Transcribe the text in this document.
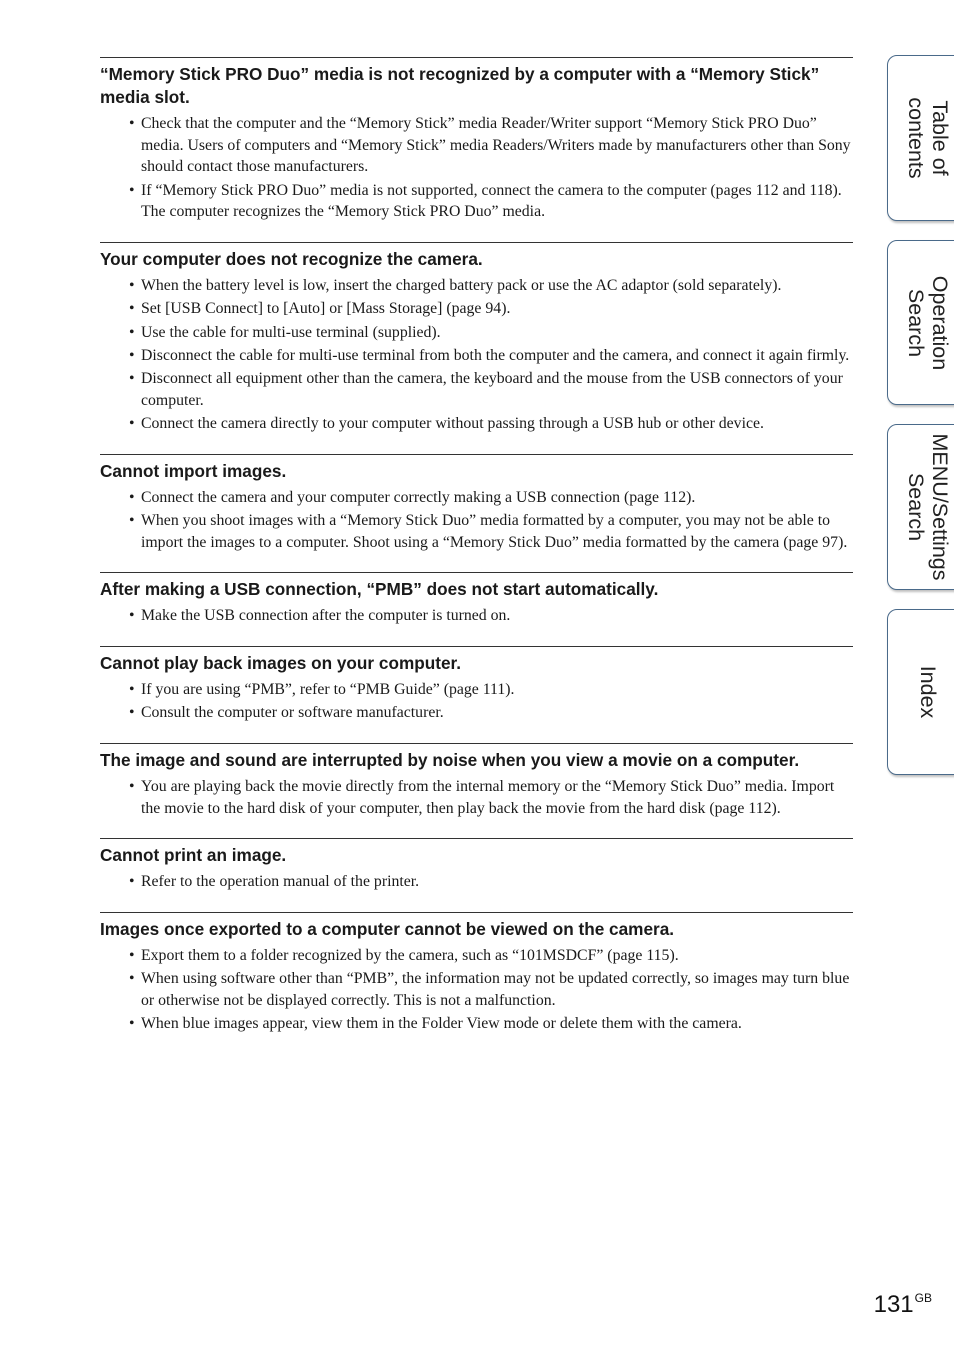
“Memory Stick PRO Duo” media is not recognized by a computer with a “Memory Stick” media slot.
• Check that the computer and the “Memory Stick” media Reader/Writer support “Memory Stick PRO Duo” media. Users of computers and “Memory Stick” media Readers/Writers made by manufacturers other than Sony should contact those manufacturers.
• If “Memory Stick PRO Duo” media is not supported, connect the camera to the computer (pages 112 and 118). The computer recognizes the “Memory Stick PRO Duo” media.
Your computer does not recognize the camera.
• When the battery level is low, insert the charged battery pack or use the AC adaptor (sold separately).
• Set [USB Connect] to [Auto] or [Mass Storage] (page 94).
• Use the cable for multi-use terminal (supplied).
• Disconnect the cable for multi-use terminal from both the computer and the camera, and connect it again firmly.
• Disconnect all equipment other than the camera, the keyboard and the mouse from the USB connectors of your computer.
• Connect the camera directly to your computer without passing through a USB hub or other device.
Cannot import images.
• Connect the camera and your computer correctly making a USB connection (page 112).
• When you shoot images with a “Memory Stick Duo” media formatted by a computer, you may not be able to import the images to a computer. Shoot using a “Memory Stick Duo” media formatted by the camera (page 97).
After making a USB connection, “PMB” does not start automatically.
• Make the USB connection after the computer is turned on.
Cannot play back images on your computer.
• If you are using “PMB”, refer to “PMB Guide” (page 111).
• Consult the computer or software manufacturer.
The image and sound are interrupted by noise when you view a movie on a computer.
• You are playing back the movie directly from the internal memory or the “Memory Stick Duo” media. Import the movie to the hard disk of your computer, then play back the movie from the hard disk (page 112).
Cannot print an image.
• Refer to the operation manual of the printer.
Images once exported to a computer cannot be viewed on the camera.
• Export them to a folder recognized by the camera, such as “101MSDCF” (page 115).
• When using software other than “PMB”, the information may not be updated correctly, so images may turn blue or otherwise not be displayed correctly. This is not a malfunction.
• When blue images appear, view them in the Folder View mode or delete them with the camera.
Table of
contents
Operation
Search
MENU/Settings
Search
Index
$131^{GB}$
